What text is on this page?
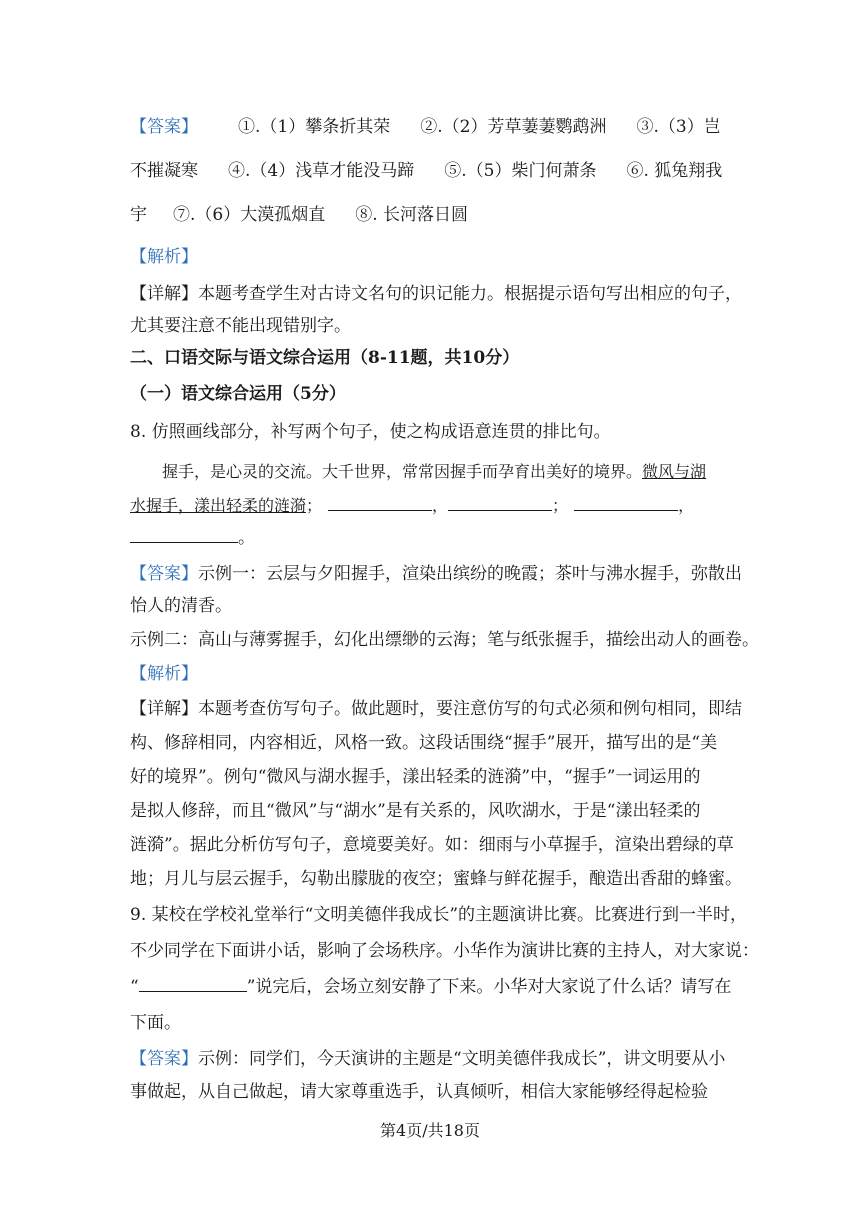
【答案】 ①.（1）攀条折其荣 ②.（2）芳草萋萋鹦鹉洲 ③.（3）岂
不摧凝寒 ④.（4）浅草才能没马蹄 ⑤.（5）柴门何萧条 ⑥. 狐兔翔我
宇 ⑦.（6）大漠孤烟直 ⑧. 长河落日圆
【解析】
【详解】本题考查学生对古诗文名句的识记能力。根据提示语句写出相应的句子，
尤其要注意不能出现错别字。
二、口语交际与语文综合运用（8-11题，共10分）
（一）语文综合运用（5分）
8. 仿照画线部分，补写两个句子，使之构成语意连贯的排比句。
握手，是心灵的交流。大千世界，常常因握手而孕育出美好的境界。微风与湖
水握手，漾出轻柔的涟漪；	，	；	，
。
【答案】示例一：云层与夕阳握手，渲染出缤纷的晚霞；茶叶与沸水握手，弥散出
怡人的清香。
示例二：高山与薄雾握手，幻化出缥缈的云海；笔与纸张握手，描绘出动人的画卷。
【解析】
【详解】本题考查仿写句子。做此题时，要注意仿写的句式必须和例句相同，即结
构、修辞相同，内容相近，风格一致。这段话围绕“握手”展开，描写出的是“美
好的境界”。例句“微风与湖水握手，漾出轻柔的涟漪”中，“握手”一词运用的
是拟人修辞，而且“微风”与“湖水”是有关系的，风吹湖水，于是“漾出轻柔的
涟漪”。据此分析仿写句子，意境要美好。如：细雨与小草握手，渲染出碧绿的草
地；月儿与层云握手，勾勒出朦胧的夜空；蜜蜂与鲜花握手，酿造出香甜的蜂蜜。
9. 某校在学校礼堂举行“文明美德伴我成长”的主题演讲比赛。比赛进行到一半时，
不少同学在下面讲小话，影响了会场秩序。小华作为演讲比赛的主持人，对大家说：
“	”说完后，会场立刻安静了下来。小华对大家说了什么话？请写在
下面。
【答案】示例：同学们，今天演讲的主题是“文明美德伴我成长”，讲文明要从小
事做起，从自己做起，请大家尊重选手，认真倾听，相信大家能够经得起检验
第4页/共18页
